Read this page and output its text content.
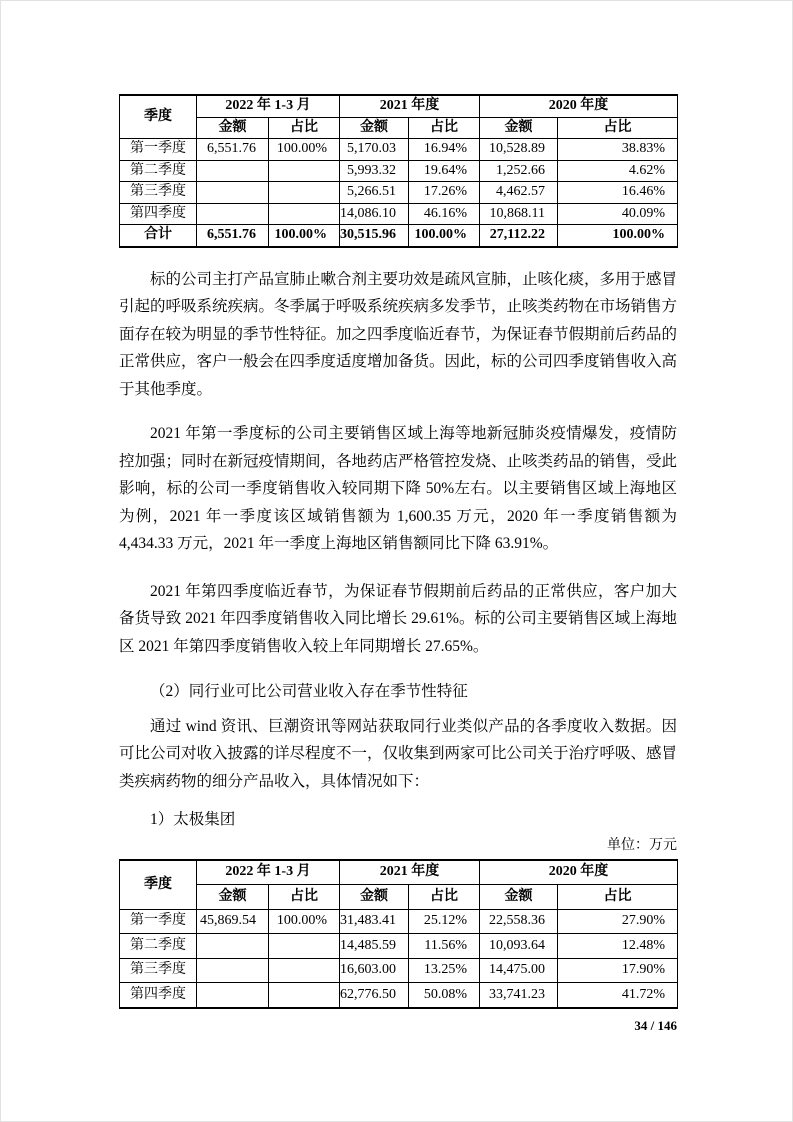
季度	2022 年 1-3 月		2021 年度		2020 年度	
	金额	占比	金额	占比	金额	占比
第一季度	6,551.76	100.00%	5,170.03	16.94%	10,528.89	38.83%
第二季度			5,993.32	19.64%	1,252.66	4.62%
第三季度			5,266.51	17.26%	4,462.57	16.46%
第四季度			14,086.10	46.16%	10,868.11	40.09%
合计	6,551.76	100.00%	30,515.96	100.00%	27,112.22	100.00%

标的公司主打产品宣肺止嗽合剂主要功效是疏风宣肺，止咳化痰，多用于感冒引起的呼吸系统疾病。冬季属于呼吸系统疾病多发季节，止咳类药物在市场销售方面存在较为明显的季节性特征。加之四季度临近春节，为保证春节假期前后药品的正常供应，客户一般会在四季度适度增加备货。因此，标的公司四季度销售收入高于其他季度。

2021 年第一季度标的公司主要销售区域上海等地新冠肺炎疫情爆发，疫情防控加强；同时在新冠疫情期间，各地药店严格管控发烧、止咳类药品的销售，受此影响，标的公司一季度销售收入较同期下降 50%左右。以主要销售区域上海地区为例，2021 年一季度该区域销售额为 1,600.35 万元，2020 年一季度销售额为 4,434.33 万元，2021 年一季度上海地区销售额同比下降 63.91%。

2021 年第四季度临近春节，为保证春节假期前后药品的正常供应，客户加大备货导致 2021 年四季度销售收入同比增长 29.61%。标的公司主要销售区域上海地区 2021 年第四季度销售收入较上年同期增长 27.65%。

（2）同行业可比公司营业收入存在季节性特征

通过 wind 资讯、巨潮资讯等网站获取同行业类似产品的各季度收入数据。因可比公司对收入披露的详尽程度不一，仅收集到两家可比公司关于治疗呼吸、感冒类疾病药物的细分产品收入，具体情况如下：

1）太极集团

单位：万元
季度	2022 年 1-3 月		2021 年度		2020 年度	
	金额	占比	金额	占比	金额	占比
第一季度	45,869.54	100.00%	31,483.41	25.12%	22,558.36	27.90%
第二季度			14,485.59	11.56%	10,093.64	12.48%
第三季度			16,603.00	13.25%	14,475.00	17.90%
第四季度			62,776.50	50.08%	33,741.23	41.72%
34 / 146
